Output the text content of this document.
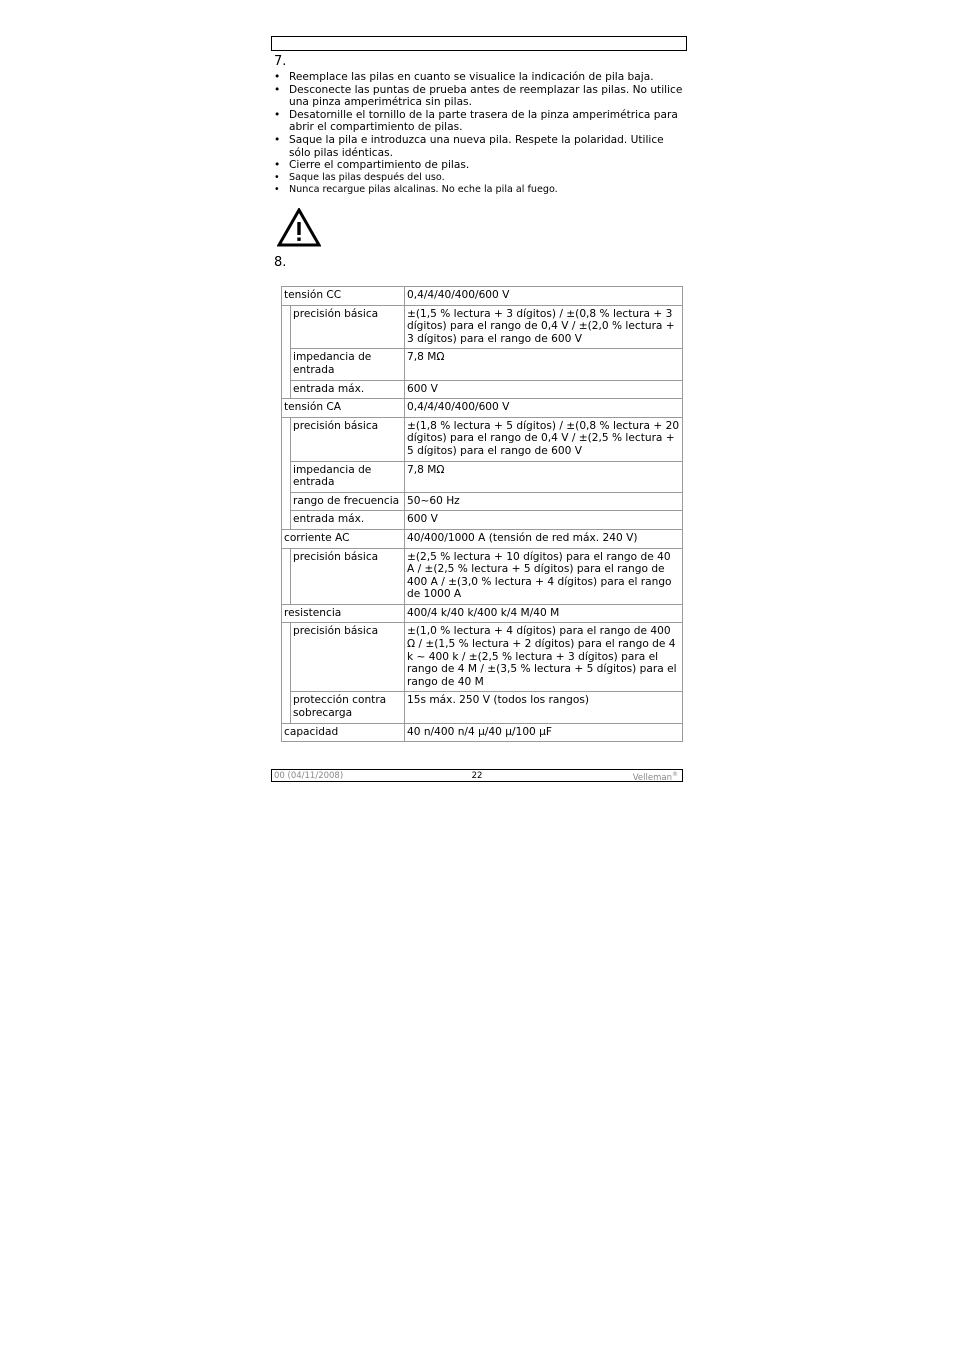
7.
• Reemplace las pilas en cuanto se visualice la indicación de pila baja.
• Desconecte las puntas de prueba antes de reemplazar las pilas. No utilice una pinza amperimétrica sin pilas.
• Desatornille el tornillo de la parte trasera de la pinza amperimétrica para abrir el compartimiento de pilas.
• Saque la pila e introduzca una nueva pila. Respete la polaridad. Utilice sólo pilas idénticas.
• Cierre el compartimiento de pilas.
• Saque las pilas después del uso.
• Nunca recargue pilas alcalinas. No eche la pila al fuego.
8.
tensión CC		0,4/4/40/400/600 V
	precisión básica	±(1,5 % lectura + 3 dígitos) / ±(0,8 % lectura + 3 dígitos) para el rango de 0,4 V / ±(2,0 % lectura + 3 dígitos) para el rango de 600 V
	impedancia de entrada	7,8 MΩ
	entrada máx.	600 V
tensión CA		0,4/4/40/400/600 V
	precisión básica	±(1,8 % lectura + 5 dígitos) / ±(0,8 % lectura + 20 dígitos) para el rango de 0,4 V / ±(2,5 % lectura + 5 dígitos) para el rango de 600 V
	impedancia de entrada	7,8 MΩ
	rango de frecuencia	50~60 Hz
	entrada máx.	600 V
corriente AC		40/400/1000 A (tensión de red máx. 240 V)
	precisión básica	±(2,5 % lectura + 10 dígitos) para el rango de 40 A / ±(2,5 % lectura + 5 dígitos) para el rango de 400 A / ±(3,0 % lectura + 4 dígitos) para el rango de 1000 A
resistencia		400/4 k/40 k/400 k/4 M/40 M
	precisión básica	±(1,0 % lectura + 4 dígitos) para el rango de 400 Ω / ±(1,5 % lectura + 2 dígitos) para el rango de 4 k ~ 400 k / ±(2,5 % lectura + 3 dígitos) para el rango de 4 M / ±(3,5 % lectura + 5 dígitos) para el rango de 40 M
	protección contra sobrecarga	15s máx. 250 V (todos los rangos)
capacidad		40 n/400 n/4 µ/40 µ/100 µF
00 (04/11/2008)	22	Velleman®
